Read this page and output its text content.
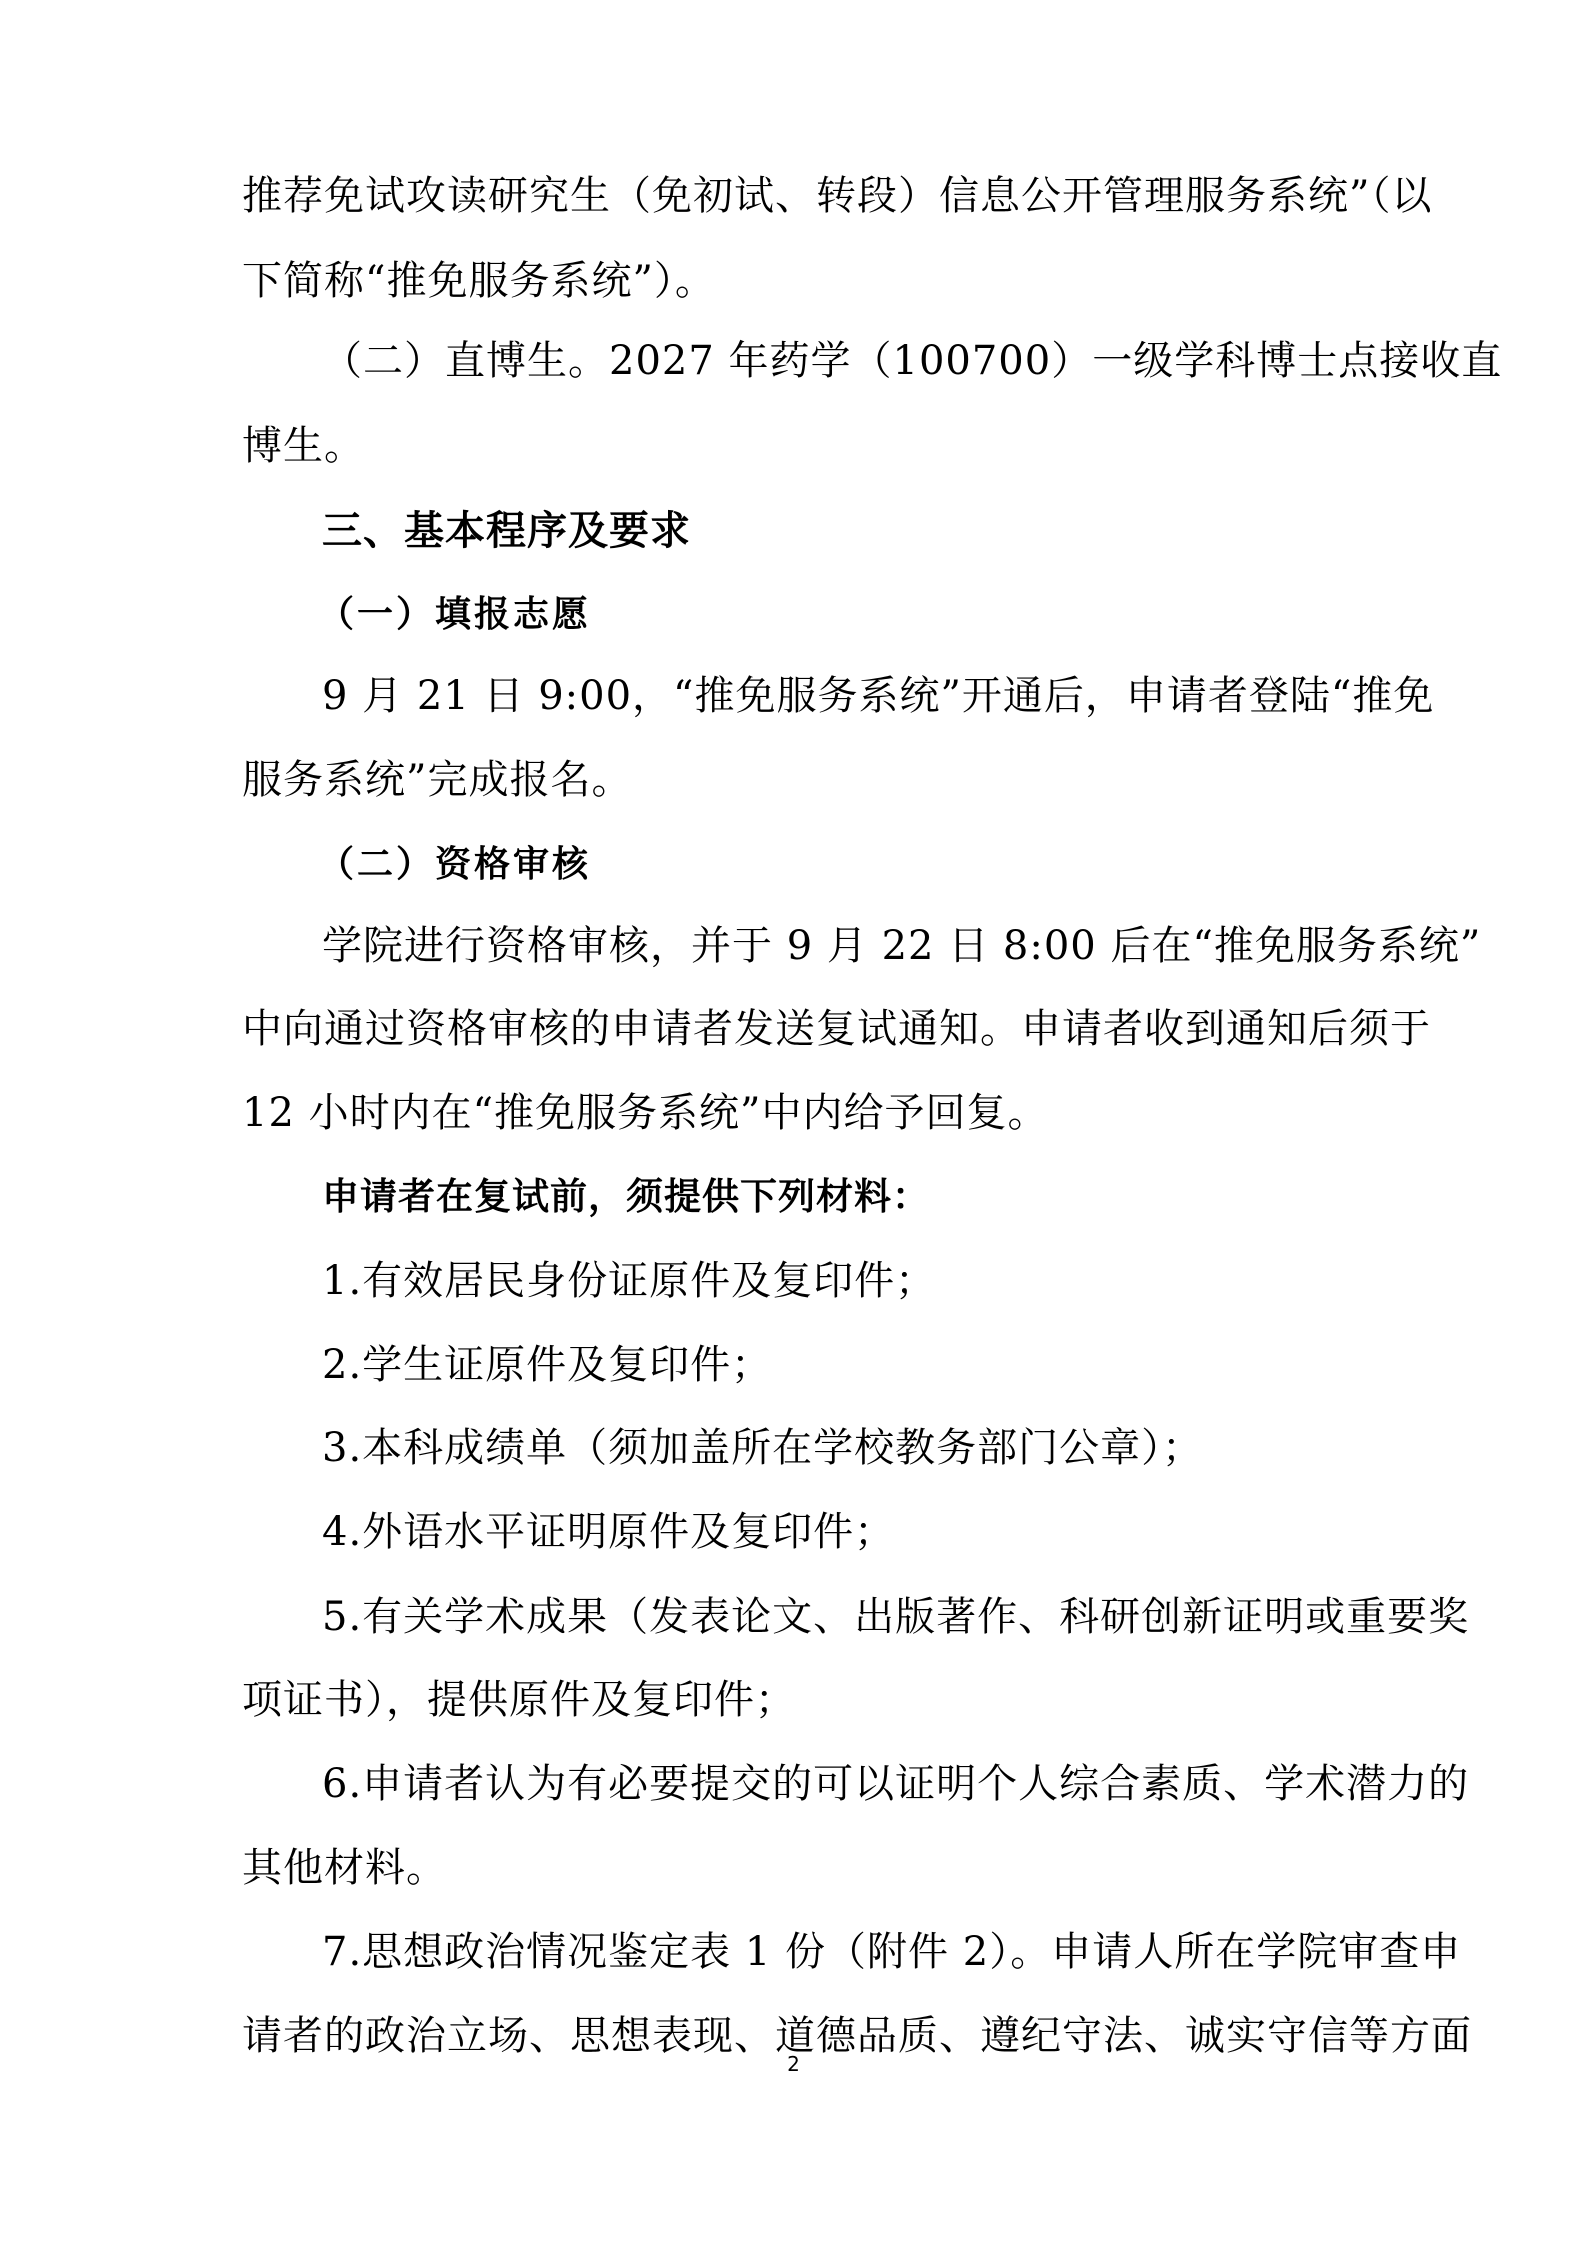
推荐免试攻读研究生（免初试、转段）信息公开管理服务系统”（以
下简称“推免服务系统”）。
（二）直博生。2027 年药学（100700）一级学科博士点接收直
博生。
三、基本程序及要求
（一）填报志愿
9 月 21 日 9:00，“推免服务系统”开通后，申请者登陆“推免
服务系统”完成报名。
（二）资格审核
学院进行资格审核，并于 9 月 22 日 8:00 后在“推免服务系统”
中向通过资格审核的申请者发送复试通知。申请者收到通知后须于
12 小时内在“推免服务系统”中内给予回复。
申请者在复试前，须提供下列材料：
1.有效居民身份证原件及复印件；
2.学生证原件及复印件；
3.本科成绩单（须加盖所在学校教务部门公章）；
4.外语水平证明原件及复印件；
5.有关学术成果（发表论文、出版著作、科研创新证明或重要奖
项证书），提供原件及复印件；
6.申请者认为有必要提交的可以证明个人综合素质、学术潜力的
其他材料。
7.思想政治情况鉴定表 1 份（附件 2）。申请人所在学院审查申
请者的政治立场、思想表现、道德品质、遵纪守法、诚实守信等方面
2
